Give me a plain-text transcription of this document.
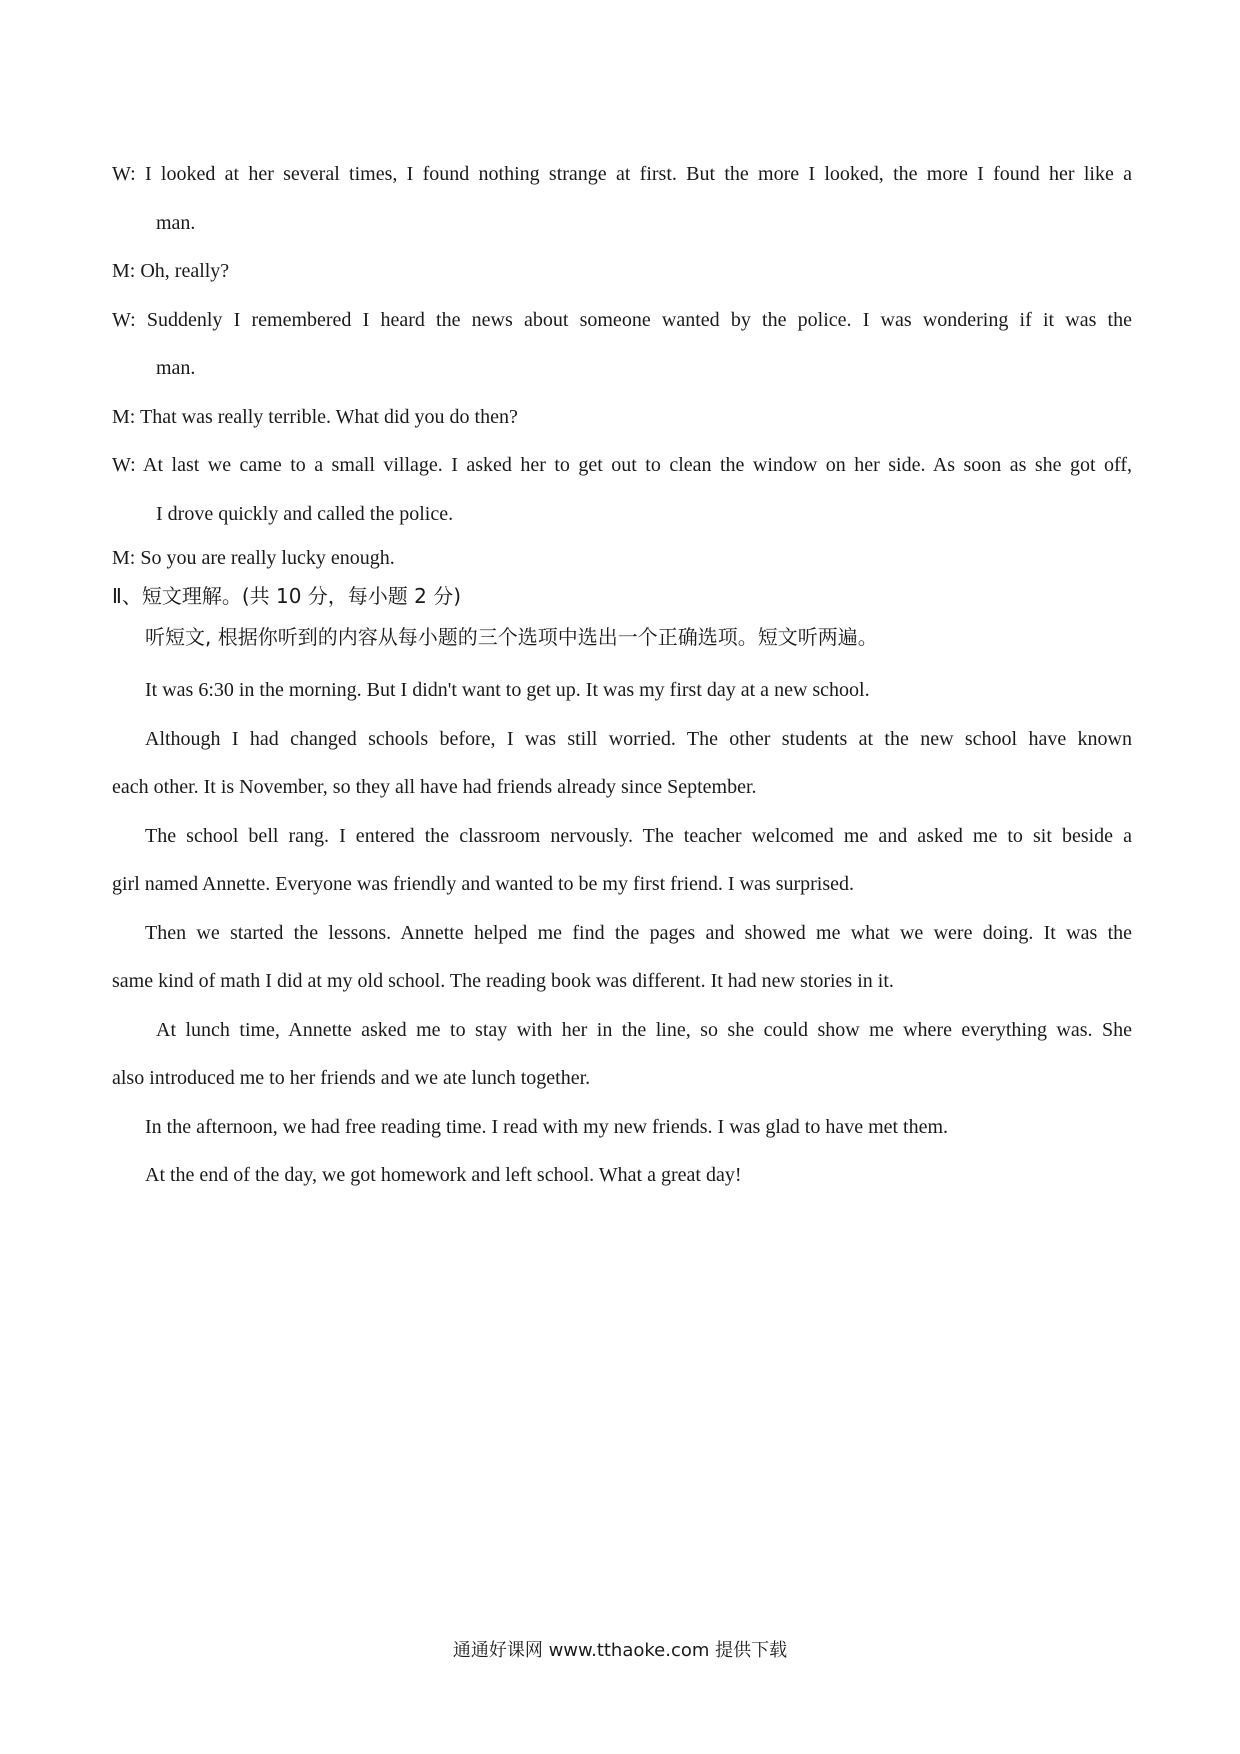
W: I looked at her several times, I found nothing strange at first. But the more I looked, the more I found her like a
man.
M: Oh, really?
W: Suddenly I remembered I heard the news about someone wanted by the police. I was wondering if it was the
man.
M: That was really terrible. What did you do then?
W: At last we came to a small village. I asked her to get out to clean the window on her side. As soon as she got off,
I drove quickly and called the police.
M: So you are really lucky enough.
Ⅱ、短文理解。(共 10 分，每小题 2 分)
听短文, 根据你听到的内容从每小题的三个选项中选出一个正确选项。短文听两遍。
It was 6:30 in the morning. But I didn't want to get up. It was my first day at a new school.
Although I had changed schools before, I was still worried. The other students at the new school have known
each other. It is November, so they all have had friends already since September.
The school bell rang. I entered the classroom nervously. The teacher welcomed me and asked me to sit beside a
girl named Annette. Everyone was friendly and wanted to be my first friend. I was surprised.
Then we started the lessons. Annette helped me find the pages and showed me what we were doing. It was the
same kind of math I did at my old school. The reading book was different. It had new stories in it.
At lunch time, Annette asked me to stay with her in the line, so she could show me where everything was. She
also introduced me to her friends and we ate lunch together.
In the afternoon, we had free reading time. I read with my new friends. I was glad to have met them.
At the end of the day, we got homework and left school. What a great day!
通通好课网 www.tthaoke.com 提供下载
